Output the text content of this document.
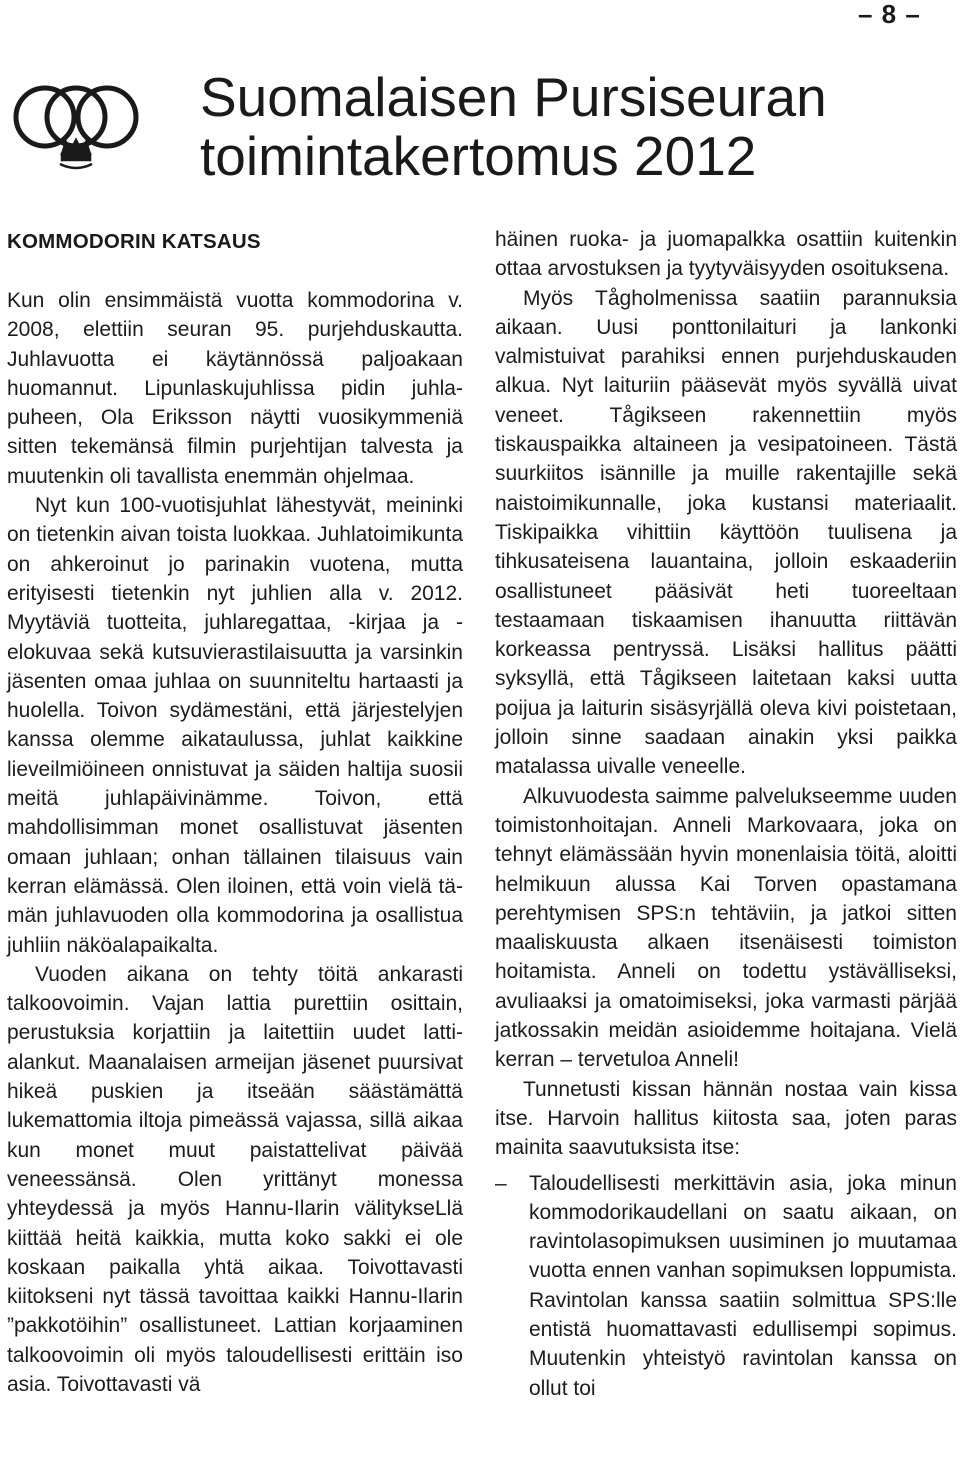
– 8 –
Suomalaisen Pursiseuran toimintakertomus 2012
KOMMODORIN KATSAUS

Kun olin ensimmäistä vuotta kommodorina v. 2008, elettiin seuran 95. purjehduskautta. Juhlavuotta ei käytännössä paljoakaan huomannut. Lipunlaskujuhlissa pidin juhlapuheen, Ola Eriksson näytti vuosikymmeniä sitten tekemänsä filmin purjehtijan talvesta ja muutenkin oli tavallista enemmän ohjelmaa.

Nyt kun 100-vuotisjuhlat lähestyvät, meininki on tietenkin aivan toista luokkaa. Juhlatoimikunta on ahkeroinut jo parinakin vuotena, mutta erityisesti tietenkin nyt juhlien alla v. 2012. Myytäviä tuotteita, juhlaregattaa, -kirjaa ja -elokuvaa sekä kutsuvierastilaisuutta ja varsinkin jäsenten omaa juhlaa on suunniteltu hartaasti ja huolella. Toivon sydämestäni, että järjestelyjen kanssa olemme aikataulussa, juhlat kaikkine lieveilmiöineen onnistuvat ja säiden haltija suosii meitä juhlapäivinämme. Toivon, että mahdollisimman monet osallistuvat jäsenten omaan juhlaan; onhan tällainen tilaisuus vain kerran elämässä. Olen iloinen, että voin vielä tämän juhlavuoden olla kommodorina ja osallistua juhliin näköalapaikalta.

Vuoden aikana on tehty töitä ankarasti talkoovoimin. Vajan lattia purettiin osittain, perustuksia korjattiin ja laitettiin uudet lattialankut. Maanalaisen armeijan jäsenet puursivat hikeä puskien ja itseään säästämättä lukemattomia iltoja pimeässä vajassa, sillä aikaa kun monet muut paistattelivat päivää veneessänsä. Olen yrittänyt monessa yhteydessä ja myös Hannu-Ilarin välitykseLlä kiittää heitä kaikkia, mutta koko sakki ei ole koskaan paikalla yhtä aikaa. Toivottavasti kiitokseni nyt tässä tavoittaa kaikki Hannu-Ilarin ”pakkotöihin” osallistuneet. Lattian korjaaminen talkoovoimin oli myös taloudellisesti erittäin iso asia. Toivottavasti vä

häinen ruoka- ja juomapalkka osattiin kuitenkin ottaa arvostuksen ja tyytyväisyyden osoituksena.

Myös Tågholmenissa saatiin parannuksia aikaan. Uusi ponttonilaituri ja lankonki valmistuivat parahiksi ennen purjehduskauden alkua. Nyt laituriin pääsevät myös syvällä uivat veneet. Tågikseen rakennettiin myös tiskauspaikka altaineen ja vesipatoineen. Tästä suurkiitos isännille ja muille rakentajille sekä naistoimikunnalle, joka kustansi materiaalit. Tiskipaikka vihittiin käyttöön tuulisena ja tihkusateisena lauantaina, jolloin eskaaderiin osallistuneet pääsivät heti tuoreeltaan testaamaan tiskaamisen ihanuutta riittävän korkeassa pentryssä. Lisäksi hallitus päätti syksyllä, että Tågikseen laitetaan kaksi uutta poijua ja laiturin sisäsyrjällä oleva kivi poistetaan, jolloin sinne saadaan ainakin yksi paikka matalassa uivalle veneelle.

Alkuvuodesta saimme palvelukseemme uuden toimistonhoitajan. Anneli Markovaara, joka on tehnyt elämässään hyvin monenlaisia töitä, aloitti helmikuun alussa Kai Torven opastamana perehtymisen SPS:n tehtäviin, ja jatkoi sitten maaliskuusta alkaen itsenäisesti toimiston hoitamista. Anneli on todettu ystävälliseksi, avuliaaksi ja omatoimiseksi, joka varmasti pärjää jatkossakin meidän asioidemme hoitajana. Vielä kerran – tervetuloa Anneli!

Tunnetusti kissan hännän nostaa vain kissa itse. Harvoin hallitus kiitosta saa, joten paras mainita saavutuksista itse:

–	Taloudellisesti merkittävin asia, joka minun kommodorikaudellani on saatu aikaan, on ravintolasopimuksen uusiminen jo muutamaa vuotta ennen vanhan sopimuksen loppumista. Ravintolan kanssa saatiin solmittua SPS:lle entistä huomattavasti edullisempi sopimus. Muutenkin yhteistyö ravintolan kanssa on ollut toi
